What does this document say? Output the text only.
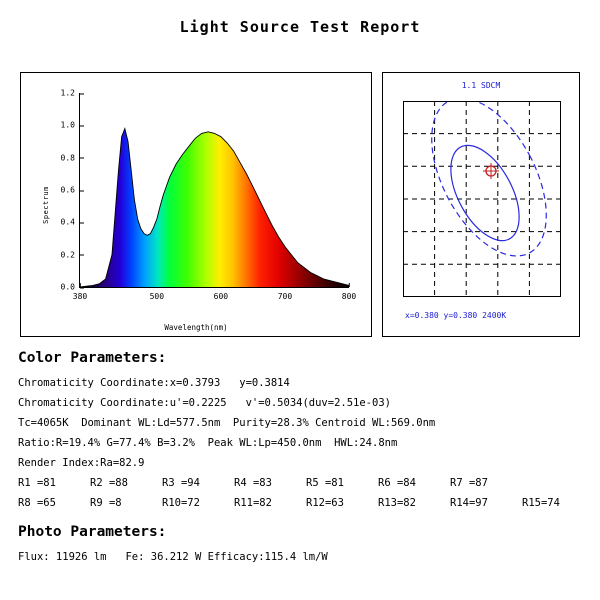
Light Source Test Report
Spectrum
0.0
0.2
0.4
0.6
0.8
1.0
1.2
380	500	600	700	800
Wavelength(nm)
1.1 SDCM
x=0.380 y=0.380 2400K
Color Parameters:
Chromaticity Coordinate:x=0.3793   y=0.3814
Chromaticity Coordinate:u'=0.2225   v'=0.5034(duv=2.51e-03)
Tc=4065K  Dominant WL:Ld=577.5nm  Purity=28.3% Centroid WL:569.0nm
Ratio:R=19.4% G=77.4% B=3.2%  Peak WL:Lp=450.0nm  HWL:24.8nm
Render Index:Ra=82.9
R1 =81	R2 =88	R3 =94	R4 =83	R5 =81	R6 =84	R7 =87
R8 =65	R9 =8	R10=72	R11=82	R12=63	R13=82	R14=97	R15=74
Photo Parameters:
Flux: 11926 lm   Fe: 36.212 W Efficacy:115.4 lm/W
